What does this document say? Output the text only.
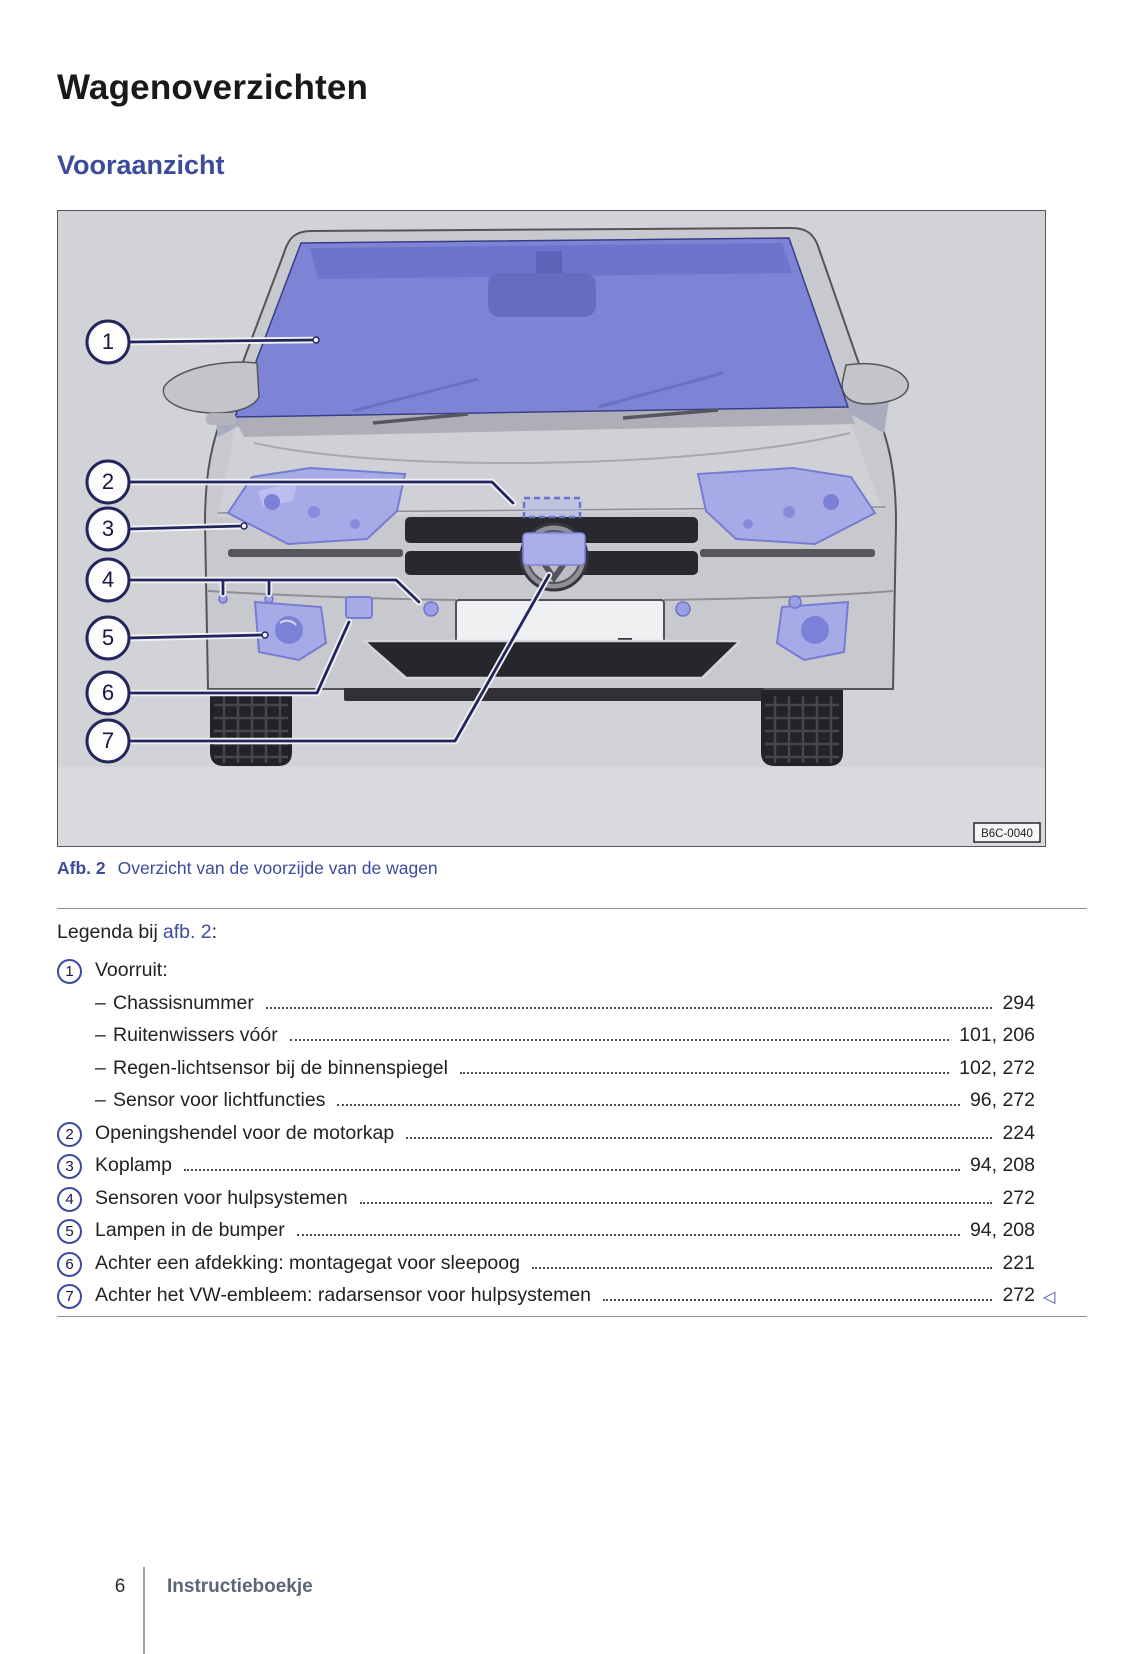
Wagenoverzichten
Vooraanzicht
1
2
3
4
5
6
7
B6C-0040
Afb. 2 Overzicht van de voorzijde van de wagen
Legenda bij afb. 2:
1	Voorruit:
– Chassisnummer	294
– Ruitenwissers vóór	101, 206
– Regen-lichtsensor bij de binnenspiegel	102, 272
– Sensor voor lichtfuncties	96, 272
2	Openingshendel voor de motorkap	224
3	Koplamp	94, 208
4	Sensoren voor hulpsystemen	272
5	Lampen in de bumper	94, 208
6	Achter een afdekking: montagegat voor sleepoog	221
7	Achter het VW-embleem: radarsensor voor hulpsystemen	272 ◁
6	Instructieboekje
